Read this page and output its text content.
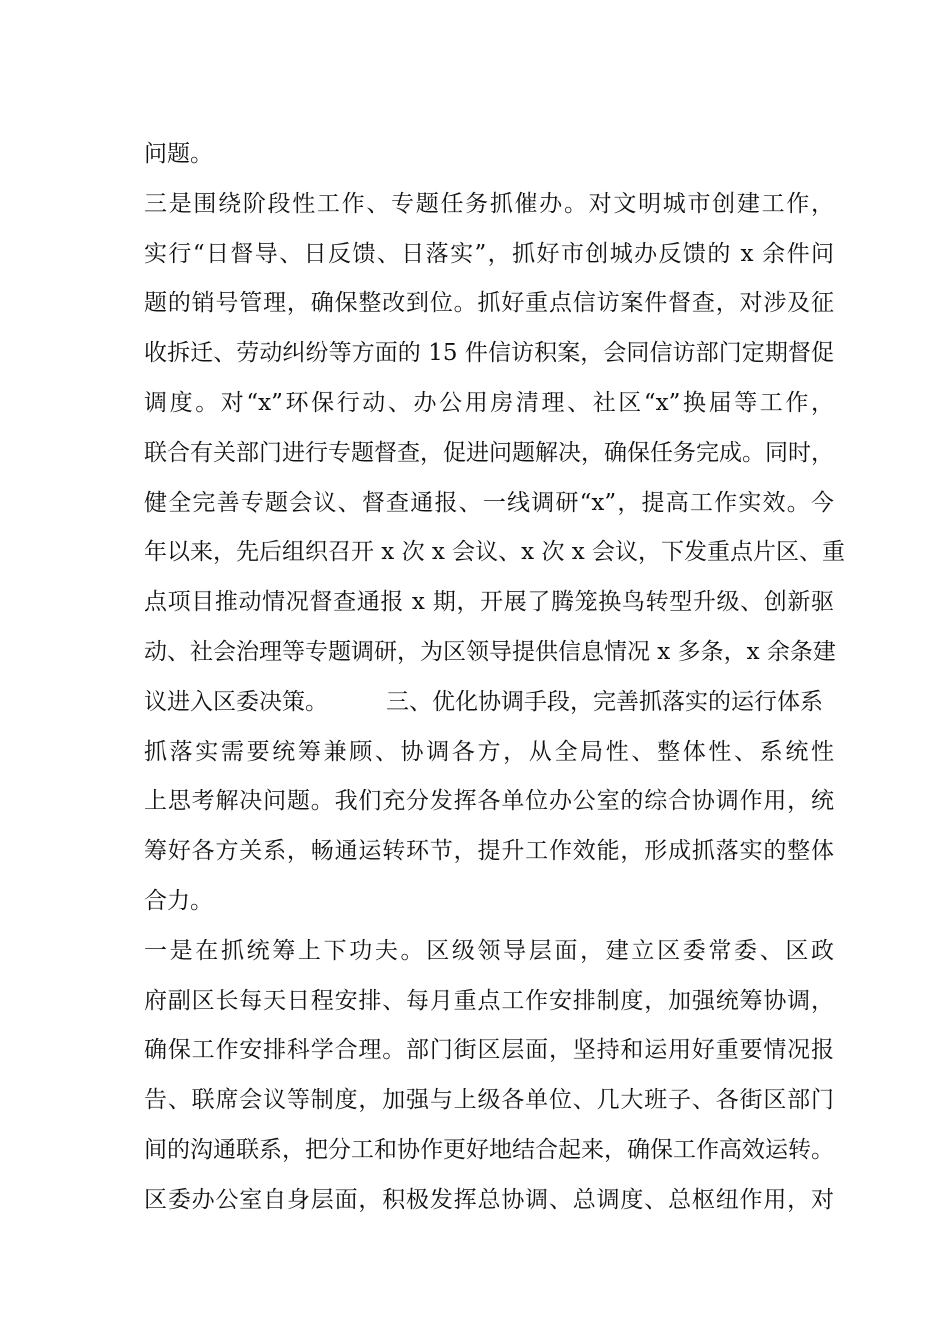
问题。
三是围绕阶段性工作、专题任务抓催办。对文明城市创建工作，
实行“日督导、日反馈、日落实”，抓好市创城办反馈的 x 余件问
题的销号管理，确保整改到位。抓好重点信访案件督查，对涉及征
收拆迁、劳动纠纷等方面的 15 件信访积案，会同信访部门定期督促
调度。对“x”环保行动、办公用房清理、社区“x”换届等工作，
联合有关部门进行专题督查，促进问题解决，确保任务完成。同时，
健全完善专题会议、督查通报、一线调研“x”，提高工作实效。今
年以来，先后组织召开 x 次 x 会议、x 次 x 会议，下发重点片区、重
点项目推动情况督查通报 x 期，开展了腾笼换鸟转型升级、创新驱
动、社会治理等专题调研，为区领导提供信息情况 x 多条，x 余条建
议进入区委决策。	三、优化协调手段，完善抓落实的运行体系
抓落实需要统筹兼顾、协调各方，从全局性、整体性、系统性
上思考解决问题。我们充分发挥各单位办公室的综合协调作用，统
筹好各方关系，畅通运转环节，提升工作效能，形成抓落实的整体
合力。
一是在抓统筹上下功夫。区级领导层面，建立区委常委、区政
府副区长每天日程安排、每月重点工作安排制度，加强统筹协调，
确保工作安排科学合理。部门街区层面，坚持和运用好重要情况报
告、联席会议等制度，加强与上级各单位、几大班子、各街区部门
间的沟通联系，把分工和协作更好地结合起来，确保工作高效运转。
区委办公室自身层面，积极发挥总协调、总调度、总枢纽作用，对
